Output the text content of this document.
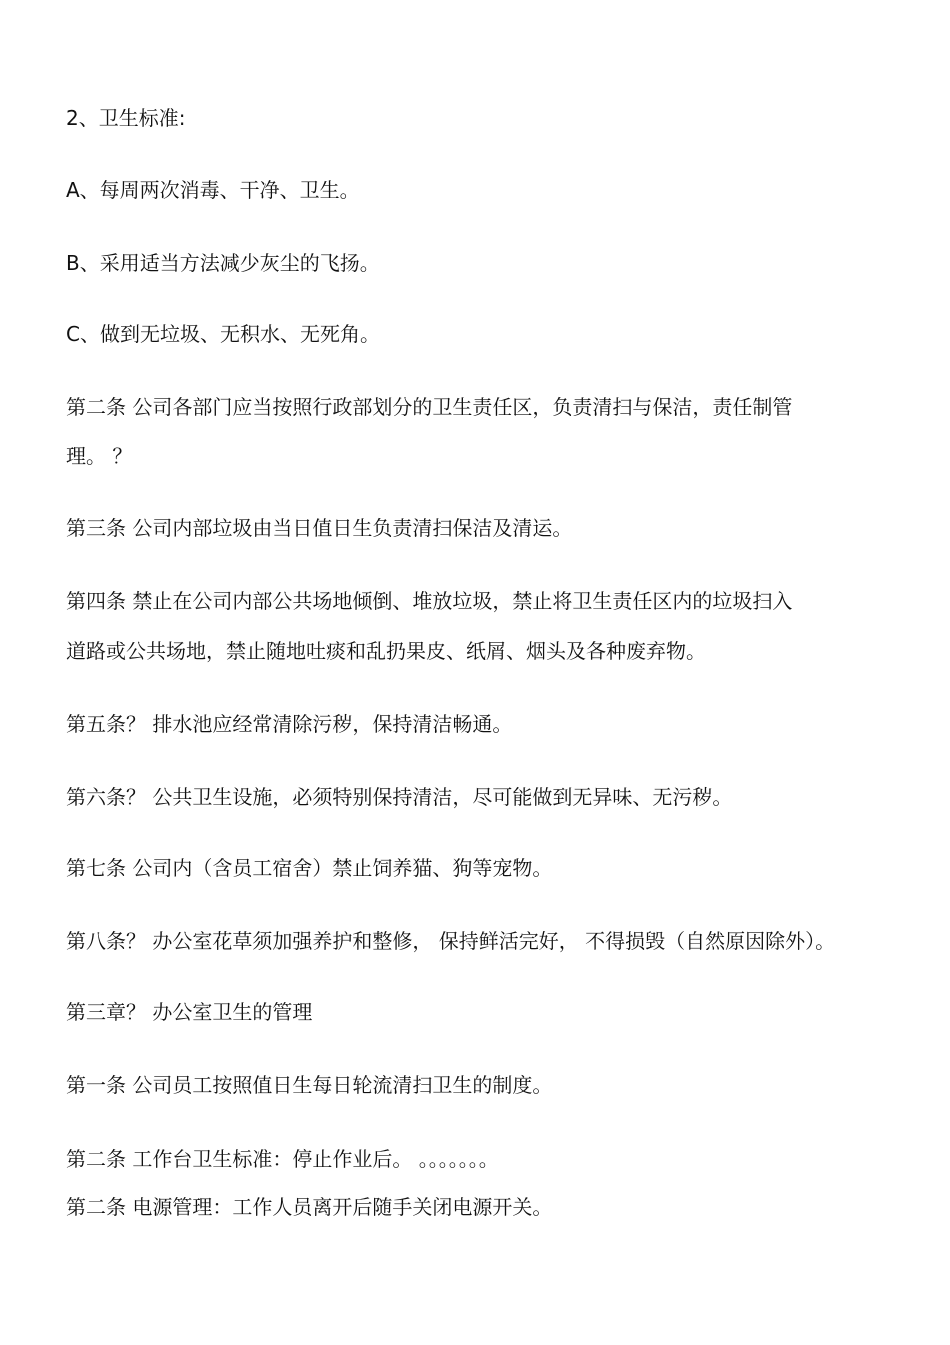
2、卫生标准:

A、每周两次消毒、干净、卫生。

B、采用适当方法减少灰尘的飞扬。

C、做到无垃圾、无积水、无死角。

第二条 公司各部门应当按照行政部划分的卫生责任区，负责清扫与保洁，责任制管

理。 ？

第三条 公司内部垃圾由当日值日生负责清扫保洁及清运。

第四条 禁止在公司内部公共场地倾倒、堆放垃圾，禁止将卫生责任区内的垃圾扫入

道路或公共场地，禁止随地吐痰和乱扔果皮、纸屑、烟头及各种废弃物。

第五条？ 排水池应经常清除污秽，保持清洁畅通。

第六条？ 公共卫生设施，必须特别保持清洁，尽可能做到无异味、无污秽。

第七条 公司内（含员工宿舍）禁止饲养猫、狗等宠物。

第八条？ 办公室花草须加强养护和整修， 保持鲜活完好， 不得损毁（自然原因除外）。

第三章？ 办公室卫生的管理

第一条 公司员工按照值日生每日轮流清扫卫生的制度。

第二条 工作台卫生标准：停止作业后。 。。。。。。。

第二条 电源管理：工作人员离开后随手关闭电源开关。
